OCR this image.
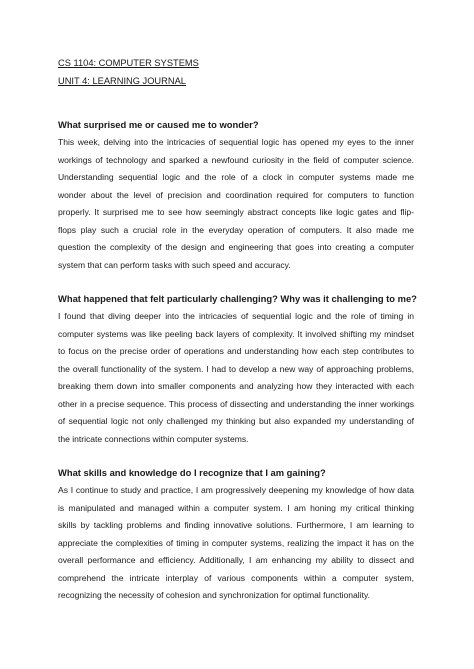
CS 1104: COMPUTER SYSTEMS

UNIT 4: LEARNING JOURNAL

What surprised me or caused me to wonder?

This week, delving into the intricacies of sequential logic has opened my eyes to the inner
workings of technology and sparked a newfound curiosity in the field of computer science.
Understanding sequential logic and the role of a clock in computer systems made me
wonder about the level of precision and coordination required for computers to function
properly. It surprised me to see how seemingly abstract concepts like logic gates and flip-
flops play such a crucial role in the everyday operation of computers. It also made me
question the complexity of the design and engineering that goes into creating a computer
system that can perform tasks with such speed and accuracy.

What happened that felt particularly challenging? Why was it challenging to me?

I found that diving deeper into the intricacies of sequential logic and the role of timing in
computer systems was like peeling back layers of complexity. It involved shifting my mindset
to focus on the precise order of operations and understanding how each step contributes to
the overall functionality of the system. I had to develop a new way of approaching problems,
breaking them down into smaller components and analyzing how they interacted with each
other in a precise sequence. This process of dissecting and understanding the inner workings
of sequential logic not only challenged my thinking but also expanded my understanding of
the intricate connections within computer systems.

What skills and knowledge do I recognize that I am gaining?

As I continue to study and practice, I am progressively deepening my knowledge of how data
is manipulated and managed within a computer system. I am honing my critical thinking
skills by tackling problems and finding innovative solutions. Furthermore, I am learning to
appreciate the complexities of timing in computer systems, realizing the impact it has on the
overall performance and efficiency. Additionally, I am enhancing my ability to dissect and
comprehend the intricate interplay of various components within a computer system,
recognizing the necessity of cohesion and synchronization for optimal functionality.
